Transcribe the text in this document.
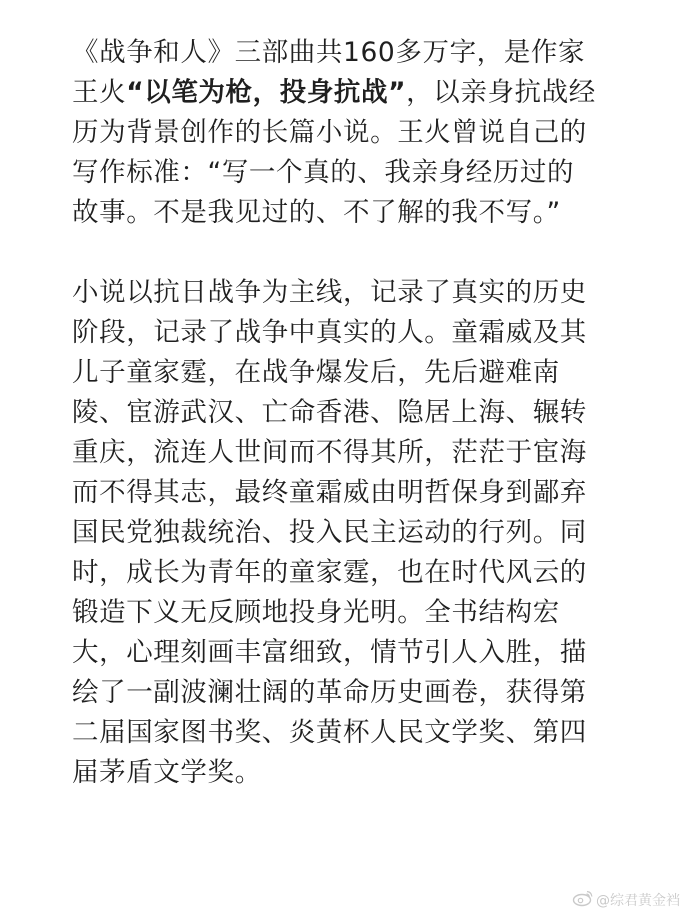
《战争和人》三部曲共160多万字，是作家
王火“以笔为枪，投身抗战”，以亲身抗战经
历为背景创作的长篇小说。王火曾说自己的
写作标准：“写一个真的、我亲身经历过的
故事。不是我见过的、不了解的我不写。”
小说以抗日战争为主线，记录了真实的历史
阶段，记录了战争中真实的人。童霜威及其
儿子童家霆，在战争爆发后，先后避难南
陵、宦游武汉、亡命香港、隐居上海、辗转
重庆，流连人世间而不得其所，茫茫于宦海
而不得其志，最终童霜威由明哲保身到鄙弃
国民党独裁统治、投入民主运动的行列。同
时，成长为青年的童家霆，也在时代风云的
锻造下义无反顾地投身光明。全书结构宏
大，心理刻画丰富细致，情节引人入胜，描
绘了一副波澜壮阔的革命历史画卷，获得第
二届国家图书奖、炎黄杯人民文学奖、第四
届茅盾文学奖。
@综君黄金裆
